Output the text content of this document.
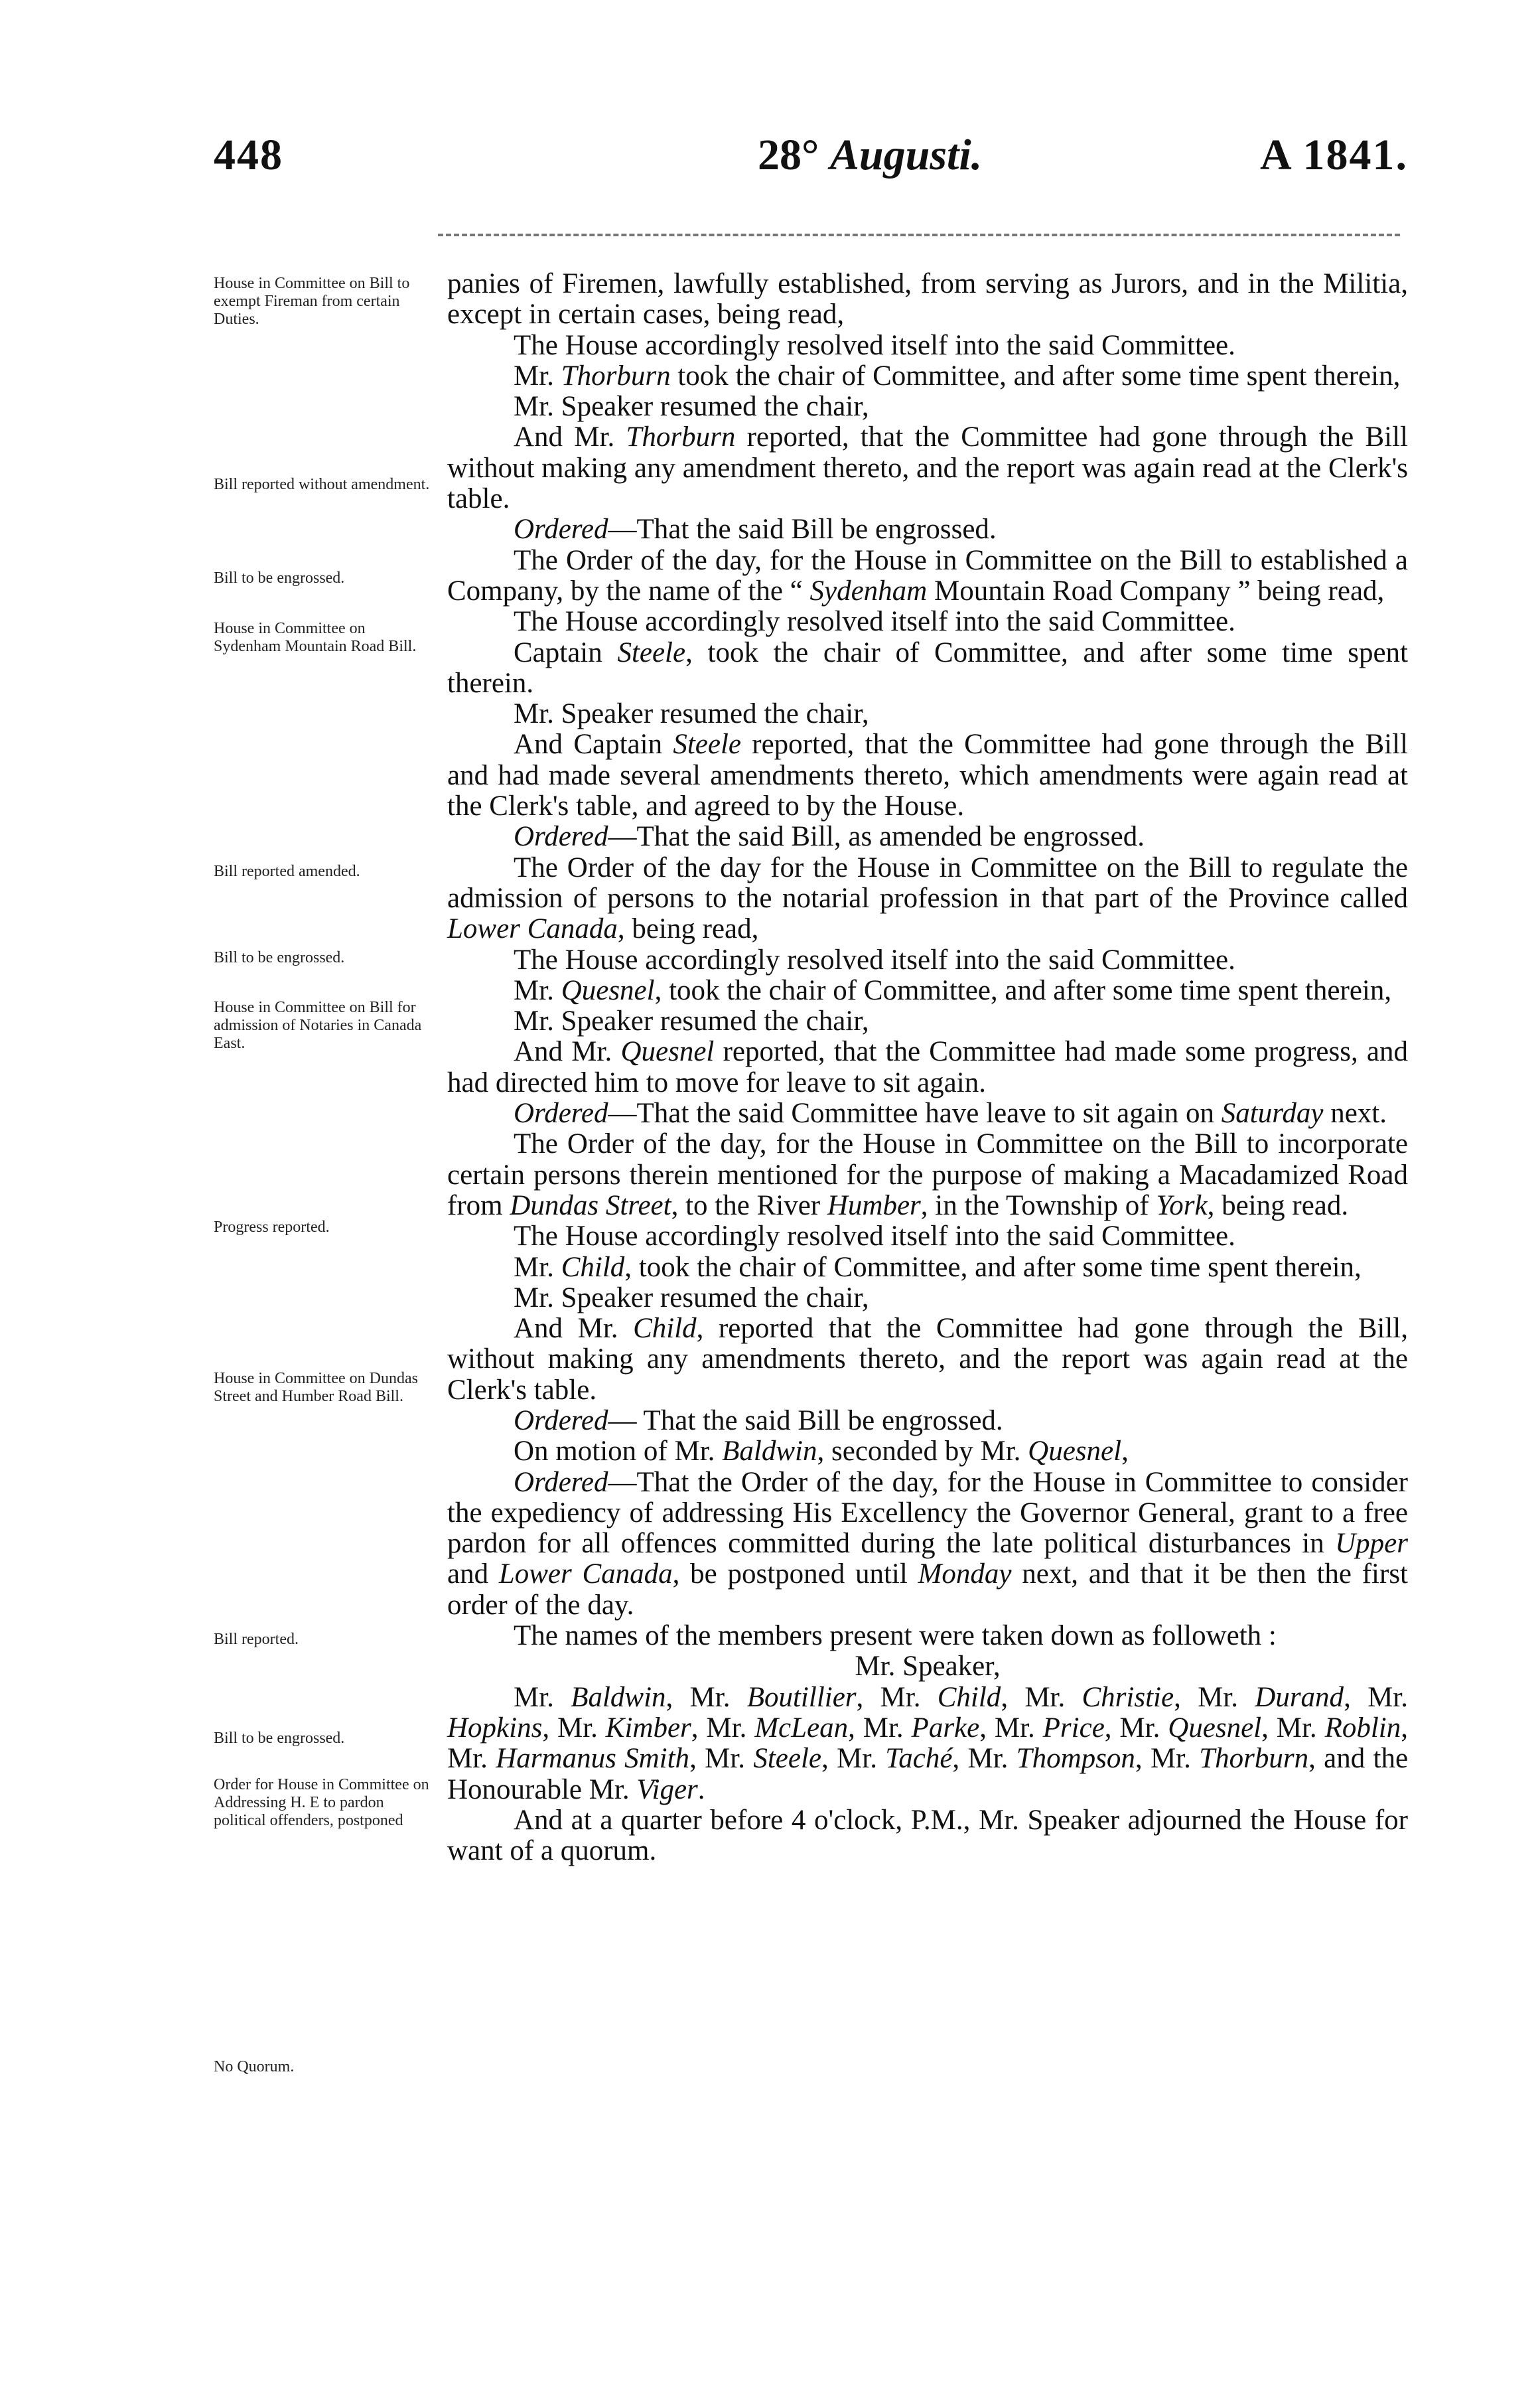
448	28° Augusti.	A 1841.
House in Committee on Bill to exempt Fireman from certain Duties.
Bill reported without amendment.
Bill to be engrossed.
House in Committee on Sydenham Mountain Road Bill.
Bill reported amended.
Bill to be engrossed.
House in Committee on Bill for admission of Notaries in Canada East.
Progress reported.
House in Committee on Dundas Street and Humber Road Bill.
Bill reported.
Bill to be engrossed.
Order for House in Committee on Addressing H. E to pardon political offenders, postponed
No Quorum.

panies of Firemen, lawfully established, from serving as Jurors, and in the Militia, except in certain cases, being read,

The House accordingly resolved itself into the said Committee.

Mr. Thorburn took the chair of Committee, and after some time spent therein,

Mr. Speaker resumed the chair,

And Mr. Thorburn reported, that the Committee had gone through the Bill without making any amendment thereto, and the report was again read at the Clerk's table.

Ordered—That the said Bill be engrossed.

The Order of the day, for the House in Committee on the Bill to established a Company, by the name of the “ Sydenham Mountain Road Company ” being read,

The House accordingly resolved itself into the said Committee.

Captain Steele, took the chair of Committee, and after some time spent therein.

Mr. Speaker resumed the chair,

And Captain Steele reported, that the Committee had gone through the Bill and had made several amendments thereto, which amendments were again read at the Clerk's table, and agreed to by the House.

Ordered—That the said Bill, as amended be engrossed.

The Order of the day for the House in Committee on the Bill to regulate the admission of persons to the notarial profession in that part of the Province called Lower Canada, being read,

The House accordingly resolved itself into the said Committee.

Mr. Quesnel, took the chair of Committee, and after some time spent therein,

Mr. Speaker resumed the chair,

And Mr. Quesnel reported, that the Committee had made some progress, and had directed him to move for leave to sit again.

Ordered—That the said Committee have leave to sit again on Saturday next.

The Order of the day, for the House in Committee on the Bill to incorporate certain persons therein mentioned for the purpose of making a Macadamized Road from Dundas Street, to the River Humber, in the Township of York, being read.

The House accordingly resolved itself into the said Committee.

Mr. Child, took the chair of Committee, and after some time spent therein,

Mr. Speaker resumed the chair,

And Mr. Child, reported that the Committee had gone through the Bill, without making any amendments thereto, and the report was again read at the Clerk's table.

Ordered— That the said Bill be engrossed.

On motion of Mr. Baldwin, seconded by Mr. Quesnel,

Ordered—That the Order of the day, for the House in Committee to consider the expediency of addressing His Excellency the Governor General, grant to a free pardon for all offences committed during the late political disturbances in Upper and Lower Canada, be postponed until Monday next, and that it be then the first order of the day.

The names of the members present were taken down as followeth :

Mr. Speaker,

Mr. Baldwin, Mr. Boutillier, Mr. Child, Mr. Christie, Mr. Durand, Mr. Hopkins, Mr. Kimber, Mr. McLean, Mr. Parke, Mr. Price, Mr. Quesnel, Mr. Roblin, Mr. Harmanus Smith, Mr. Steele, Mr. Taché, Mr. Thompson, Mr. Thorburn, and the Honourable Mr. Viger.

And at a quarter before 4 o'clock, P.M., Mr. Speaker adjourned the House for want of a quorum.
